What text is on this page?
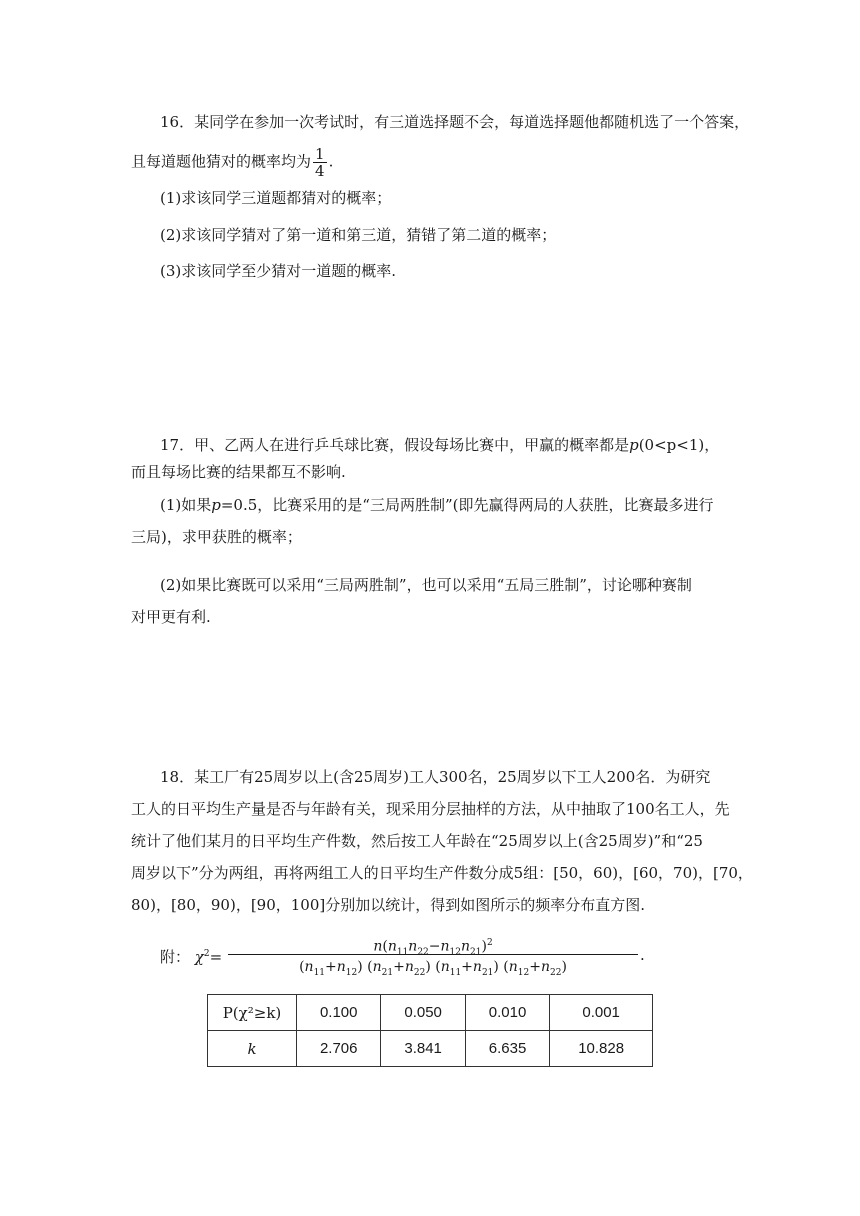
16．某同学在参加一次考试时，有三道选择题不会，每道选择题他都随机选了一个答案，
且每道题他猜对的概率均为 $\frac{1}{4}$ .
(1)求该同学三道题都猜对的概率；
(2)求该同学猜对了第一道和第三道，猜错了第二道的概率；
(3)求该同学至少猜对一道题的概率.
17．甲、乙两人在进行乒乓球比赛，假设每场比赛中，甲赢的概率都是p(0<p<1)，
而且每场比赛的结果都互不影响.
(1)如果p=0.5，比赛采用的是“三局两胜制”(即先赢得两局的人获胜，比赛最多进行
三局)，求甲获胜的概率；
(2)如果比赛既可以采用“三局两胜制”，也可以采用“五局三胜制”，讨论哪种赛制
对甲更有利.
18．某工厂有25周岁以上(含25周岁)工人300名，25周岁以下工人200名．为研究
工人的日平均生产量是否与年龄有关，现采用分层抽样的方法，从中抽取了100名工人，先
统计了他们某月的日平均生产件数，然后按工人年龄在“25周岁以上(含25周岁)”和“25
周岁以下”分为两组，再将两组工人的日平均生产件数分成5组：[50，60)，[60，70)，[70，
80)，[80，90)，[90，100]分别加以统计，得到如图所示的频率分布直方图.
附： $\chi^2= \frac{n(n_{11}n_{22}-n_{12}n_{21})^2}{(n_{11}+n_{12}) (n_{21}+n_{22}) (n_{11}+n_{21}) (n_{12}+n_{22})}$ .
P(χ²≥k)	0.100	0.050	0.010	0.001
k	2.706	3.841	6.635	10.828
